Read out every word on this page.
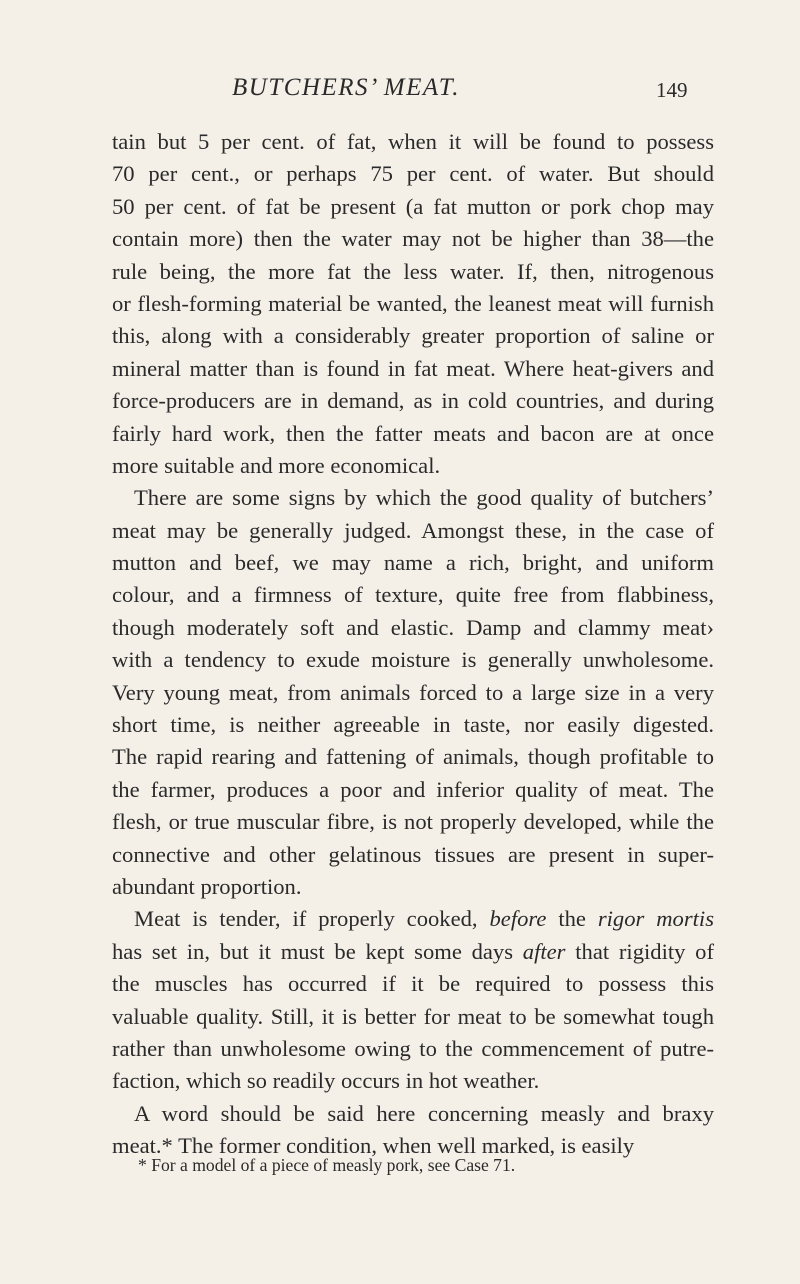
BUTCHERS’ MEAT.	149
tain but 5 per cent. of fat, when it will be found to possess
70 per cent., or perhaps 75 per cent. of water. But should
50 per cent. of fat be present (a fat mutton or pork chop may
contain more) then the water may not be higher than 38—the
rule being, the more fat the less water. If, then, nitrogenous
or flesh-forming material be wanted, the leanest meat will furnish
this, along with a considerably greater proportion of saline or
mineral matter than is found in fat meat. Where heat-givers and
force-producers are in demand, as in cold countries, and during
fairly hard work, then the fatter meats and bacon are at once
more suitable and more economical.
There are some signs by which the good quality of butchers’
meat may be generally judged. Amongst these, in the case of
mutton and beef, we may name a rich, bright, and uniform
colour, and a firmness of texture, quite free from flabbiness,
though moderately soft and elastic. Damp and clammy meat›
with a tendency to exude moisture is generally unwholesome.
Very young meat, from animals forced to a large size in a very
short time, is neither agreeable in taste, nor easily digested.
The rapid rearing and fattening of animals, though profitable to
the farmer, produces a poor and inferior quality of meat. The
flesh, or true muscular fibre, is not properly developed, while the
connective and other gelatinous tissues are present in super-
abundant proportion.
Meat is tender, if properly cooked, before the rigor mortis
has set in, but it must be kept some days after that rigidity of
the muscles has occurred if it be required to possess this
valuable quality. Still, it is better for meat to be somewhat tough
rather than unwholesome owing to the commencement of putre-
faction, which so readily occurs in hot weather.
A word should be said here concerning measly and braxy
meat.* The former condition, when well marked, is easily
* For a model of a piece of measly pork, see Case 71.
